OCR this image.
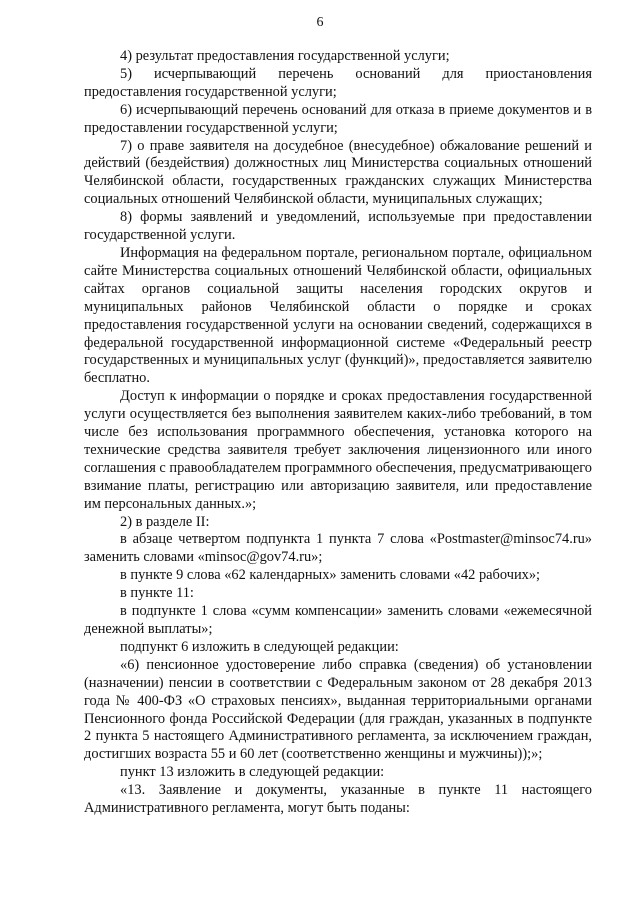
6

4) результат предоставления государственной услуги;

5) исчерпывающий перечень оснований для приостановления предоставления государственной услуги;

6) исчерпывающий перечень оснований для отказа в приеме документов и в предоставлении государственной услуги;

7) о праве заявителя на досудебное (внесудебное) обжалование решений и действий (бездействия) должностных лиц Министерства социальных отношений Челябинской области, государственных гражданских служащих Министерства социальных отношений Челябинской области, муниципальных служащих;

8) формы заявлений и уведомлений, используемые при предоставлении государственной услуги.

Информация на федеральном портале, региональном портале, официальном сайте Министерства социальных отношений Челябинской области, официальных сайтах органов социальной защиты населения городских округов и муниципальных районов Челябинской области о порядке и сроках предоставления государственной услуги на основании сведений, содержащихся в федеральной государственной информационной системе «Федеральный реестр государственных и муниципальных услуг (функций)», предоставляется заявителю бесплатно.

Доступ к информации о порядке и сроках предоставления государственной услуги осуществляется без выполнения заявителем каких-либо требований, в том числе без использования программного обеспечения, установка которого на технические средства заявителя требует заключения лицензионного или иного соглашения с правообладателем программного обеспечения, предусматривающего взимание платы, регистрацию или авторизацию заявителя, или предоставление им персональных данных.»;

2) в разделе II:

в абзаце четвертом подпункта 1 пункта 7 слова «Postmaster@minsoc74.ru» заменить словами «minsoc@gov74.ru»;

в пункте 9 слова «62 календарных» заменить словами «42 рабочих»;

в пункте 11:

в подпункте 1 слова «сумм компенсации» заменить словами «ежемесячной денежной выплаты»;

подпункт 6 изложить в следующей редакции:

«6) пенсионное удостоверение либо справка (сведения) об установлении (назначении) пенсии в соответствии с Федеральным законом от 28 декабря 2013 года № 400-ФЗ «О страховых пенсиях», выданная территориальными органами Пенсионного фонда Российской Федерации (для граждан, указанных в подпункте 2 пункта 5 настоящего Административного регламента, за исключением граждан, достигших возраста 55 и 60 лет (соответственно женщины и мужчины));»;

пункт 13 изложить в следующей редакции:

«13. Заявление и документы, указанные в пункте 11 настоящего Административного регламента, могут быть поданы:
